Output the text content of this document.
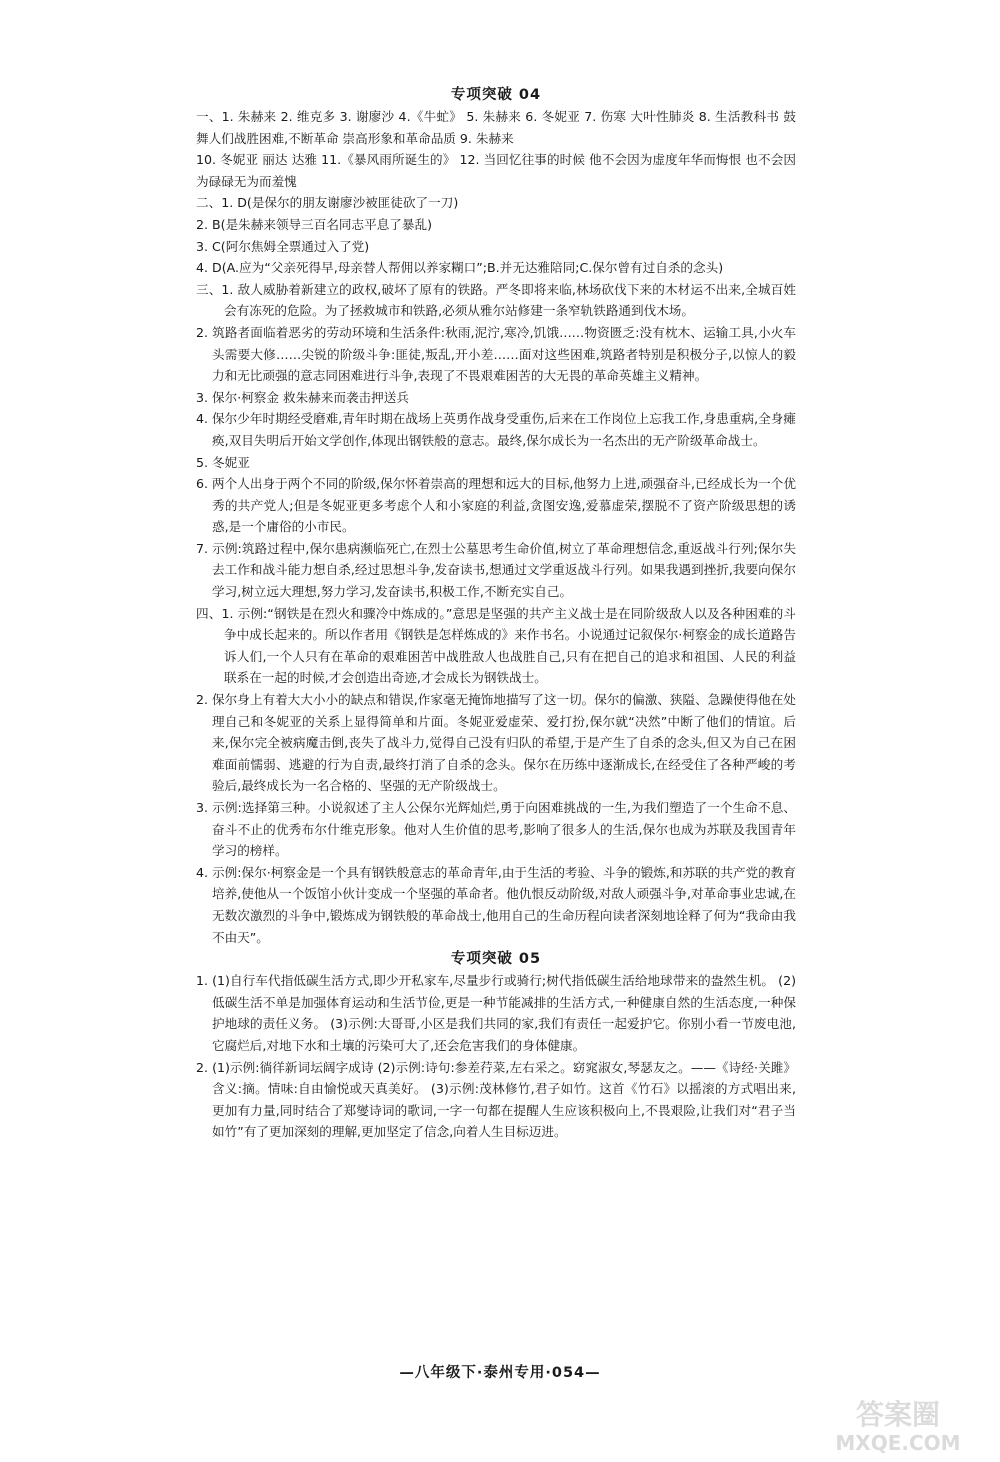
专项突破 04

一、1. 朱赫来 2. 维克多 3. 谢廖沙 4.《牛虻》 5. 朱赫来 6. 冬妮亚 7. 伤寒 大叶性肺炎 8. 生活教科书 鼓舞人们战胜困难,不断革命 崇高形象和革命品质 9. 朱赫来

10. 冬妮亚 丽达 达雅 11.《暴风雨所诞生的》 12. 当回忆往事的时候 他不会因为虚度年华而悔恨 也不会因为碌碌无为而羞愧

二、1. D(是保尔的朋友谢廖沙被匪徒砍了一刀)

2. B(是朱赫来领导三百名同志平息了暴乱)

3. C(阿尔焦姆全票通过入了党)

4. D(A.应为“父亲死得早,母亲替人帮佣以养家糊口”;B.并无达雅陪同;C.保尔曾有过自杀的念头)

三、1. 敌人威胁着新建立的政权,破坏了原有的铁路。严冬即将来临,林场砍伐下来的木材运不出来,全城百姓会有冻死的危险。为了拯救城市和铁路,必须从雅尔站修建一条窄轨铁路通到伐木场。

2. 筑路者面临着恶劣的劳动环境和生活条件:秋雨,泥泞,寒冷,饥饿……物资匮乏:没有枕木、运输工具,小火车头需要大修……尖锐的阶级斗争:匪徒,叛乱,开小差……面对这些困难,筑路者特别是积极分子,以惊人的毅力和无比顽强的意志同困难进行斗争,表现了不畏艰难困苦的大无畏的革命英雄主义精神。

3. 保尔·柯察金 救朱赫来而袭击押送兵

4. 保尔少年时期经受磨难,青年时期在战场上英勇作战身受重伤,后来在工作岗位上忘我工作,身患重病,全身瘫痪,双目失明后开始文学创作,体现出钢铁般的意志。最终,保尔成长为一名杰出的无产阶级革命战士。

5. 冬妮亚

6. 两个人出身于两个不同的阶级,保尔怀着崇高的理想和远大的目标,他努力上进,顽强奋斗,已经成长为一个优秀的共产党人;但是冬妮亚更多考虑个人和小家庭的利益,贪图安逸,爱慕虚荣,摆脱不了资产阶级思想的诱惑,是一个庸俗的小市民。

7. 示例:筑路过程中,保尔患病濒临死亡,在烈士公墓思考生命价值,树立了革命理想信念,重返战斗行列;保尔失去工作和战斗能力想自杀,经过思想斗争,发奋读书,想通过文学重返战斗行列。如果我遇到挫折,我要向保尔学习,树立远大理想,努力学习,发奋读书,积极工作,不断充实自己。

四、1. 示例:“钢铁是在烈火和骤冷中炼成的。”意思是坚强的共产主义战士是在同阶级敌人以及各种困难的斗争中成长起来的。所以作者用《钢铁是怎样炼成的》来作书名。小说通过记叙保尔·柯察金的成长道路告诉人们,一个人只有在革命的艰难困苦中战胜敌人也战胜自己,只有在把自己的追求和祖国、人民的利益联系在一起的时候,才会创造出奇迹,才会成长为钢铁战士。

2. 保尔身上有着大大小小的缺点和错误,作家毫无掩饰地描写了这一切。保尔的偏激、狭隘、急躁使得他在处理自己和冬妮亚的关系上显得简单和片面。冬妮亚爱虚荣、爱打扮,保尔就“决然”中断了他们的情谊。后来,保尔完全被病魔击倒,丧失了战斗力,觉得自己没有归队的希望,于是产生了自杀的念头,但又为自己在困难面前懦弱、逃避的行为自责,最终打消了自杀的念头。保尔在历练中逐渐成长,在经受住了各种严峻的考验后,最终成长为一名合格的、坚强的无产阶级战士。

3. 示例:选择第三种。小说叙述了主人公保尔光辉灿烂,勇于向困难挑战的一生,为我们塑造了一个生命不息、奋斗不止的优秀布尔什维克形象。他对人生价值的思考,影响了很多人的生活,保尔也成为苏联及我国青年学习的榜样。

4. 示例:保尔·柯察金是一个具有钢铁般意志的革命青年,由于生活的考验、斗争的锻炼,和苏联的共产党的教育培养,使他从一个饭馆小伙计变成一个坚强的革命者。他仇恨反动阶级,对敌人顽强斗争,对革命事业忠诚,在无数次激烈的斗争中,锻炼成为钢铁般的革命战士,他用自己的生命历程向读者深刻地诠释了何为“我命由我不由天”。

专项突破 05

1. (1)自行车代指低碳生活方式,即少开私家车,尽量步行或骑行;树代指低碳生活给地球带来的盎然生机。 (2)低碳生活不单是加强体育运动和生活节俭,更是一种节能减排的生活方式,一种健康自然的生活态度,一种保护地球的责任义务。 (3)示例:大哥哥,小区是我们共同的家,我们有责任一起爱护它。你别小看一节废电池,它腐烂后,对地下水和土壤的污染可大了,还会危害我们的身体健康。

2. (1)示例:徜徉新词坛阔字成诗 (2)示例:诗句:参差荇菜,左右采之。窈窕淑女,琴瑟友之。——《诗经·关雎》 含义:摘。情味:自由愉悦或天真美好。 (3)示例:茂林修竹,君子如竹。这首《竹石》以摇滚的方式唱出来,更加有力量,同时结合了郑燮诗词的歌词,一字一句都在提醒人生应该积极向上,不畏艰险,让我们对“君子当如竹”有了更加深刻的理解,更加坚定了信念,向着人生目标迈进。

—八年级下·泰州专用·054—
答案圈
MXQE.COM
